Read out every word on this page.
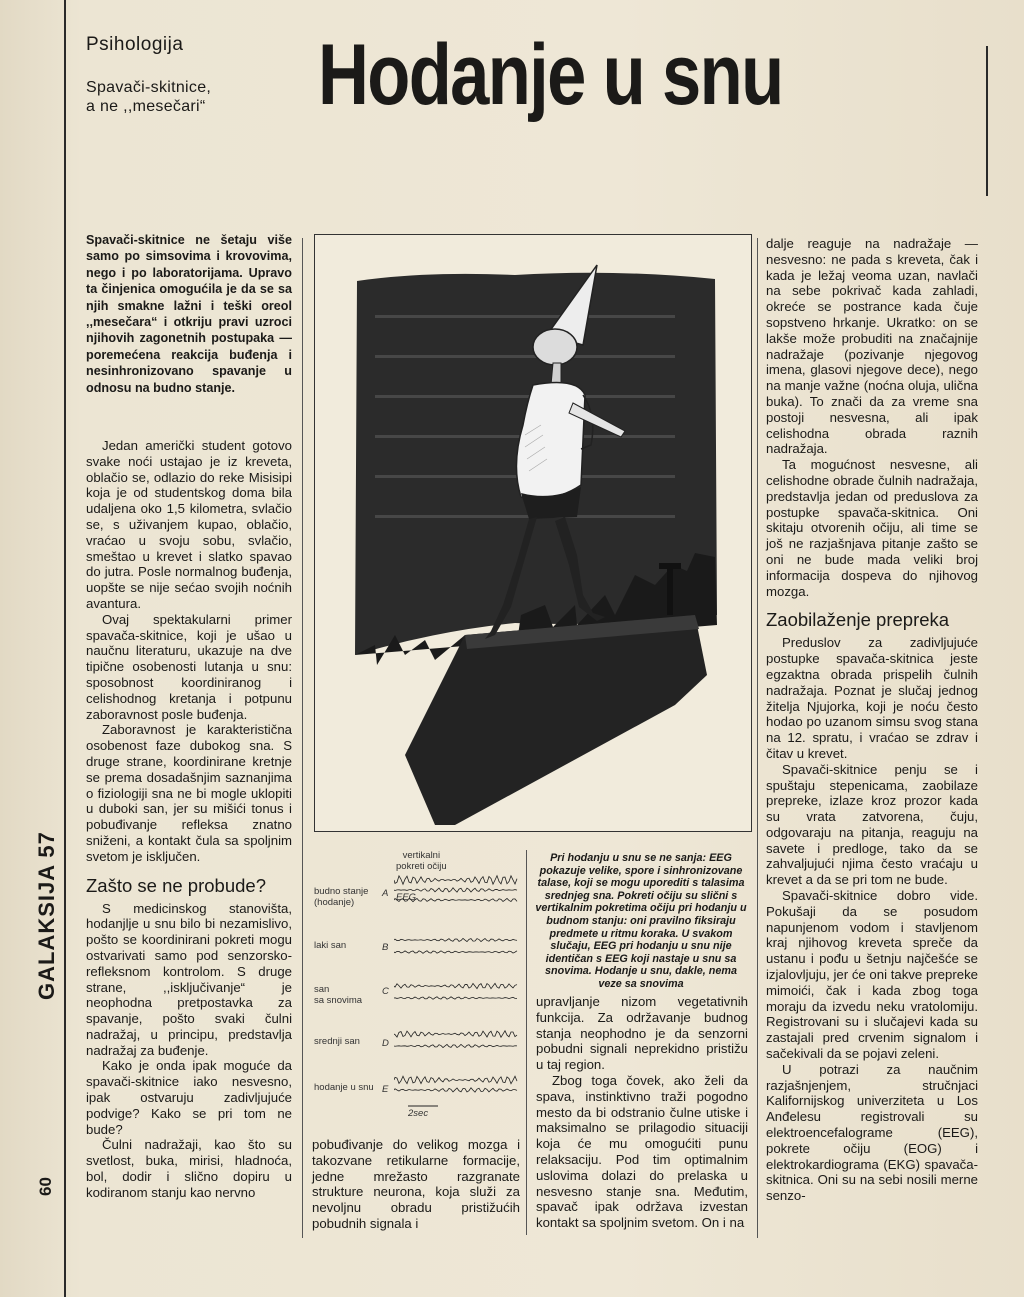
GALAKSIJA 57
60
Psihologija
Spavači-skitnice,
a ne ,,mesečari“ Hodanje u snu
Spavači-skitnice ne šetaju više samo po simsovima i krovovima, nego i po laboratorijama. Upravo ta činjenica omogućila je da se sa njih smakne lažni i teški oreol ,,mesečara“ i otkriju pravi uzroci njihovih zagonetnih postupaka — poremećena reakcija buđenja i nesinhronizovano spavanje u odnosu na budno stanje.

Jedan američki student gotovo svake noći ustajao je iz kreveta, oblačio se, odlazio do reke Misisipi koja je od studentskog doma bila udaljena oko 1,5 kilometra, svlačio se, s uživanjem kupao, oblačio, vraćao u svoju sobu, svlačio, smeštao u krevet i slatko spavao do jutra. Posle normalnog buđenja, uopšte se nije sećao svojih noćnih avantura.

Ovaj spektakularni primer spavača-skitnice, koji je ušao u naučnu literaturu, ukazuje na dve tipične osobenosti lutanja u snu: sposobnost koordiniranog i celishodnog kretanja i potpunu zaboravnost posle buđenja.

Zaboravnost je karakteristična osobenost faze dubokog sna. S druge strane, koordinirane kretnje se prema dosadašnjim saznanjima o fiziologiji sna ne bi mogle uklopiti u duboki san, jer su mišići tonus i pobuđivanje refleksa znatno sniženi, a kontakt čula sa spoljnim svetom je isključen.

Zašto se ne probude?

S medicinskog stanovišta, hodanjlje u snu bilo bi nezamislivo, pošto se koordinirani pokreti mogu ostvarivati samo pod senzorsko-refleksnom kontrolom. S druge strane, ,,isključivanje“ je neophodna pretpostavka za spavanje, pošto svaki čulni nadražaj, u principu, predstavlja nadražaj za buđenje.

Kako je onda ipak moguće da spavači-skitnice iako nesvesno, ipak ostvaruju zadivljujuće podvige? Kako se pri tom ne bude?

Čulni nadražaji, kao što su svetlost, buka, mirisi, hladnoća, bol, dodir i slično dopiru u kodiranom stanju kao nervno

vertikalni
pokreti očiju
budno stanje
(hodanje)
A EEG
laki san	B
san
sa snovima
C
srednji san D
hodanje u snu E
2sec
Pri hodanju u snu se ne sanja: EEG pokazuje velike, spore i sinhronizovane talase, koji se mogu uporediti s talasima srednjeg sna. Pokreti očiju su slični s vertikalnim pokretima očiju pri hodanju u budnom stanju: oni pravilno fiksiraju predmete u ritmu koraka. U svakom slučaju, EEG pri hodanju u snu nije identičan s EEG koji nastaje u snu sa snovima. Hodanje u snu, dakle, nema veze sa snovima

pobuđivanje do velikog mozga i takozvane retikularne formacije, jedne mrežasto razgranate strukture neurona, koja služi za nevoljnu obradu pristižućih pobudnih signala i

upravljanje nizom vegetativnih funkcija. Za održavanje budnog stanja neophodno je da senzorni pobudni signali neprekidno pristižu u taj region.

Zbog toga čovek, ako želi da spava, instinktivno traži pogodno mesto da bi odstranio čulne utiske i maksimalno se prilagodio situaciji koja će mu omogućiti punu relaksaciju. Pod tim optimalnim uslovima dolazi do prelaska u nesvesno stanje sna. Međutim, spavač ipak održava izvestan kontakt sa spoljnim svetom. On i na

dalje reaguje na nadražaje — nesvesno: ne pada s kreveta, čak i kada je ležaj veoma uzan, navlači na sebe pokrivač kada zahladi, okreće se postrance kada čuje sopstveno hrkanje. Ukratko: on se lakše može probuditi na značajnije nadražaje (pozivanje njegovog imena, glasovi njegove dece), nego na manje važne (noćna oluja, ulična buka). To znači da za vreme sna postoji nesvesna, ali ipak celishodna obrada raznih nadražaja.

Ta mogućnost nesvesne, ali celishodne obrade čulnih nadražaja, predstavlja jedan od preduslova za postupke spavača-skitnica. Oni skitaju otvorenih očiju, ali time se još ne razjašnjava pitanje zašto se oni ne bude mada veliki broj informacija dospeva do njihovog mozga.

Zaobilaženje prepreka

Preduslov za zadivljujuće postupke spavača-skitnica jeste egzaktna obrada prispelih čulnih nadražaja. Poznat je slučaj jednog žitelja Njujorka, koji je noću često hodao po uzanom simsu svog stana na 12. spratu, i vraćao se zdrav i čitav u krevet.

Spavači-skitnice penju se i spuštaju stepenicama, zaobilaze prepreke, izlaze kroz prozor kada su vrata zatvorena, čuju, odgovaraju na pitanja, reaguju na savete i predloge, tako da se zahvaljujući njima često vraćaju u krevet a da se pri tom ne bude.

Spavači-skitnice dobro vide. Pokušaji da se posudom napunjenom vodom i stavljenom kraj njihovog kreveta spreče da ustanu i pođu u šetnju najčešće se izjalovljuju, jer će oni takve prepreke mimoići, čak i kada zbog toga moraju da izvedu neku vratolomiju. Registrovani su i slučajevi kada su zastajali pred crvenim signalom i sačekivali da se pojavi zeleni.

U potrazi za naučnim razjašnjenjem, stručnjaci Kalifornijskog univerziteta u Los Anđelesu registrovali su elektroencefalograme (EEG), pokrete očiju (EOG) i elektrokardiograma (EKG) spavača-skitnica. Oni su na sebi nosili merne senzo-
